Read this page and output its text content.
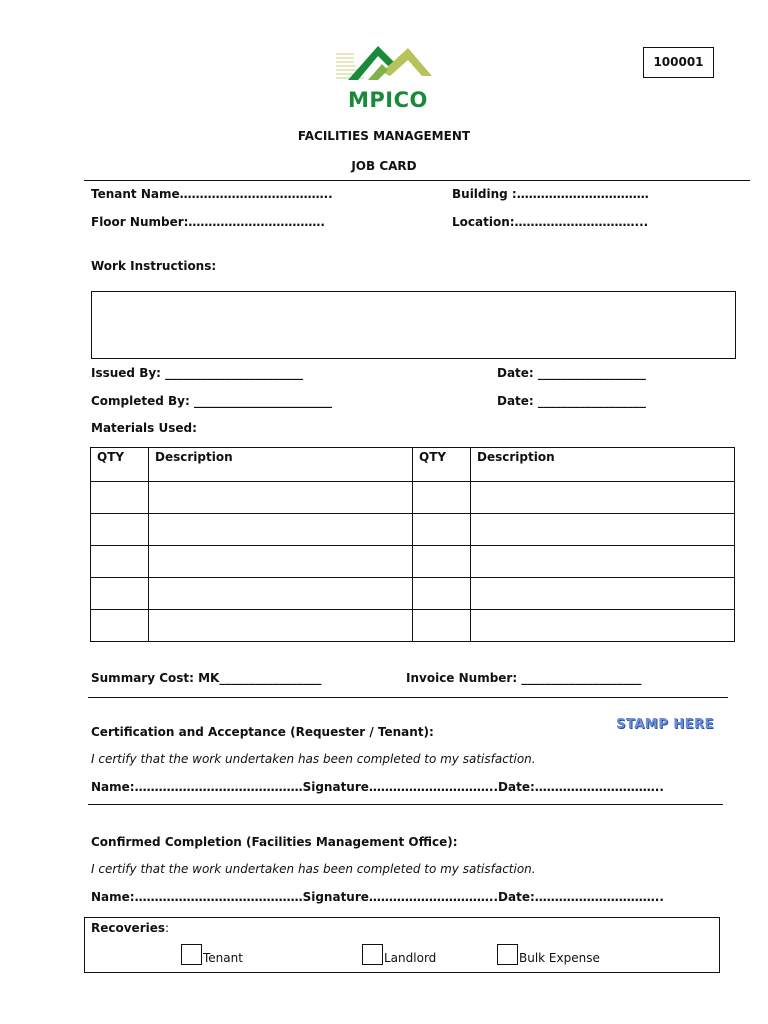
MPICO
100001
FACILITIES MANAGEMENT
JOB CARD
Tenant Name………………………………..	Building :……………………………
Floor Number:…………………………….	Location:…………………………...
Work Instructions:
Issued By: _______________________	Date: __________________
Completed By: _______________________	Date: __________________
Materials Used:
QTY	Description	QTY	Description

Summary Cost: MK_________________	Invoice Number: ____________________
Certification and Acceptance (Requester / Tenant):	STAMP HERE
I certify that the work undertaken has been completed to my satisfaction.
Name:……………………………………Signature…………………………..Date:…………………………..
Confirmed Completion (Facilities Management Office):
I certify that the work undertaken has been completed to my satisfaction.
Name:……………………………………Signature…………………………..Date:…………………………..
Recoveries:
Tenant	Landlord	Bulk Expense
